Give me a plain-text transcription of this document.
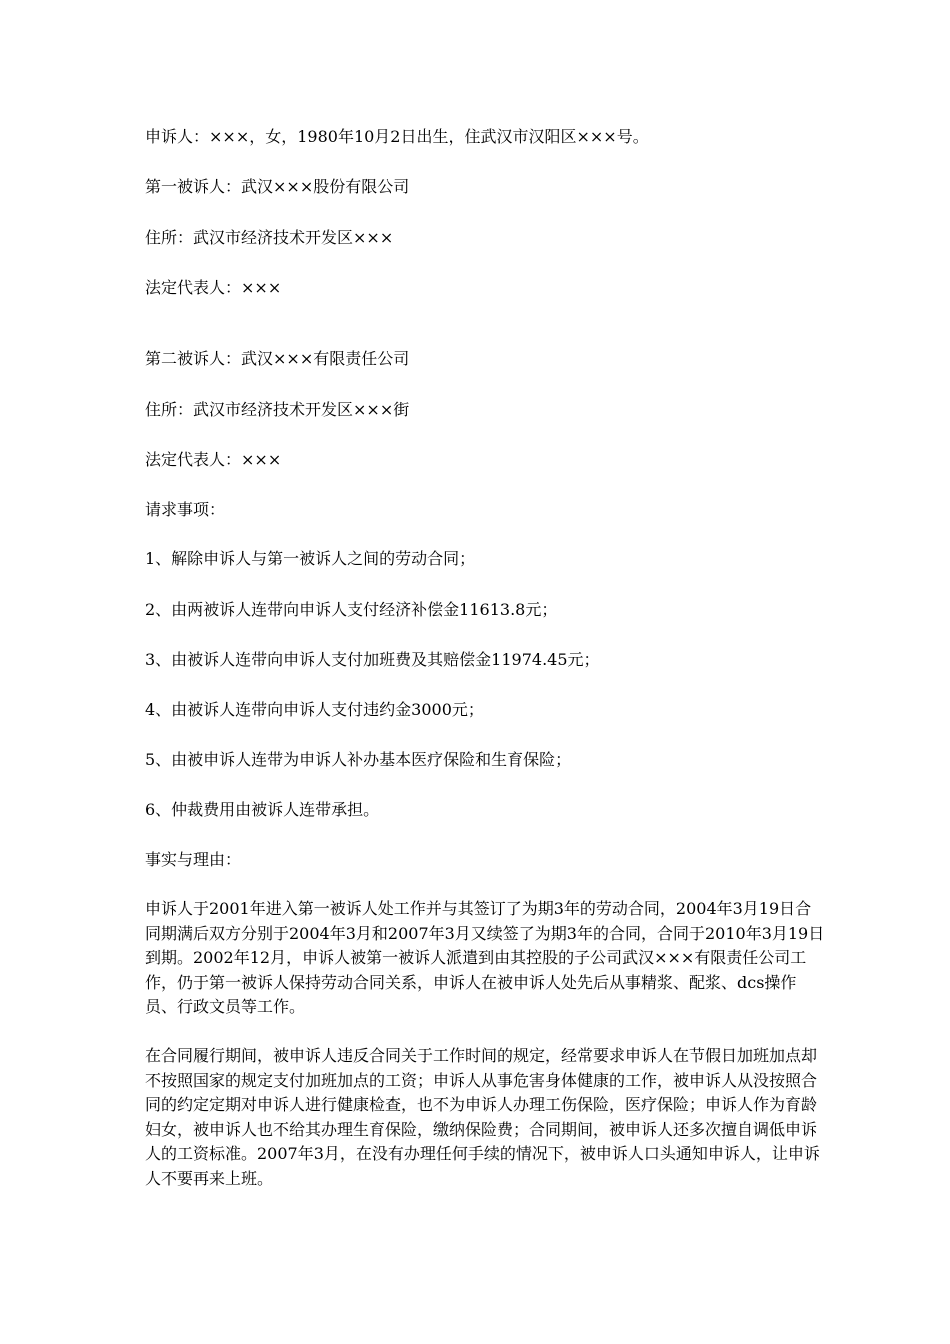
申诉人：×××，女，1980年10月2日出生，住武汉市汉阳区×××号。

第一被诉人：武汉×××股份有限公司

住所：武汉市经济技术开发区×××

法定代表人：×××

第二被诉人：武汉×××有限责任公司

住所：武汉市经济技术开发区×××街

法定代表人：×××

请求事项：

1、解除申诉人与第一被诉人之间的劳动合同；

2、由两被诉人连带向申诉人支付经济补偿金11613.8元；

3、由被诉人连带向申诉人支付加班费及其赔偿金11974.45元；

4、由被诉人连带向申诉人支付违约金3000元；

5、由被申诉人连带为申诉人补办基本医疗保险和生育保险；

6、仲裁费用由被诉人连带承担。

事实与理由：

申诉人于2001年进入第一被诉人处工作并与其签订了为期3年的劳动合同，2004年3月19日合同期满后双方分别于2004年3月和2007年3月又续签了为期3年的合同，合同于2010年3月19日到期。2002年12月，申诉人被第一被诉人派遣到由其控股的子公司武汉×××有限责任公司工作，仍于第一被诉人保持劳动合同关系，申诉人在被申诉人处先后从事精浆、配浆、dcs操作员、行政文员等工作。

在合同履行期间，被申诉人违反合同关于工作时间的规定，经常要求申诉人在节假日加班加点却不按照国家的规定支付加班加点的工资；申诉人从事危害身体健康的工作，被申诉人从没按照合同的约定定期对申诉人进行健康检查，也不为申诉人办理工伤保险，医疗保险；申诉人作为育龄妇女，被申诉人也不给其办理生育保险，缴纳保险费；合同期间，被申诉人还多次擅自调低申诉人的工资标准。2007年3月，在没有办理任何手续的情况下，被申诉人口头通知申诉人，让申诉人不要再来上班。
